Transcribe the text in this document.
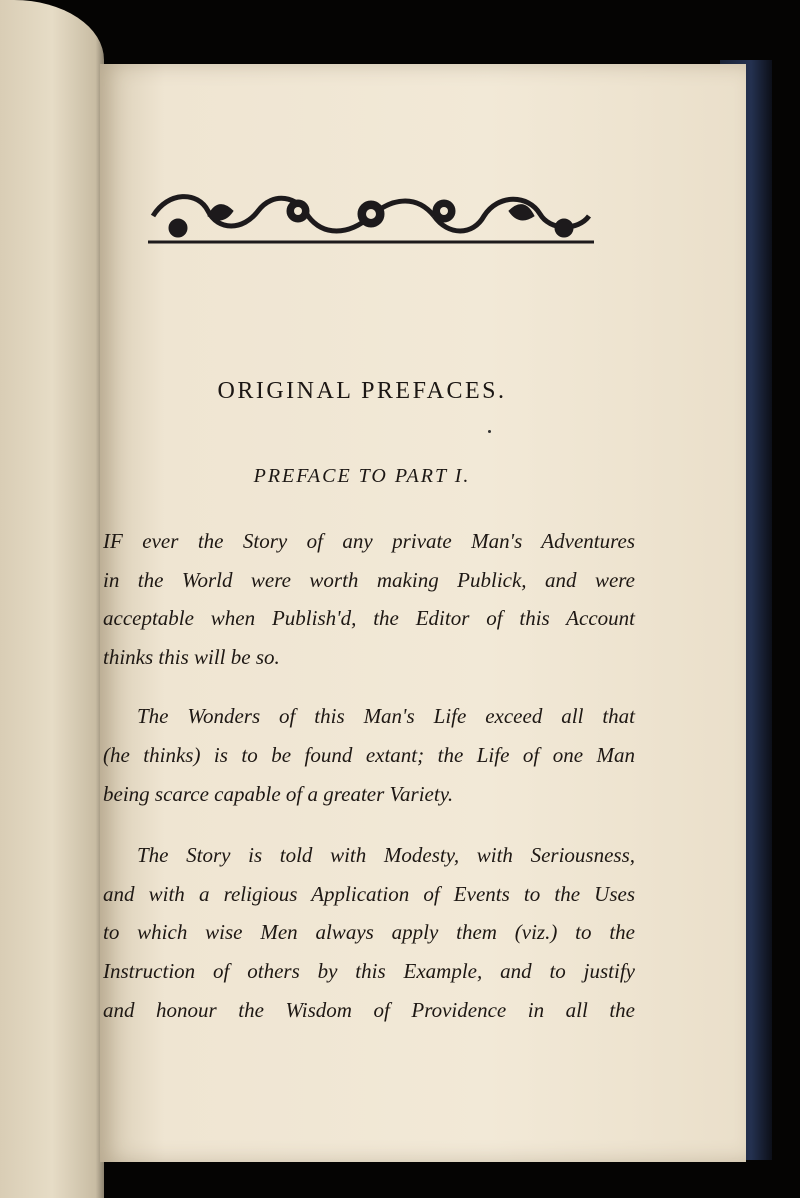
ORIGINAL PREFACES.
PREFACE TO PART I.
IF ever the Story of any private Man's Adventures
in the World were worth making Publick, and were
acceptable when Publish'd, the Editor of this Account
thinks this will be so.
The Wonders of this Man's Life exceed all that
(he thinks) is to be found extant; the Life of one Man
being scarce capable of a greater Variety.
The Story is told with Modesty, with Seriousness,
and with a religious Application of Events to the Uses
to which wise Men always apply them (viz.) to the
Instruction of others by this Example, and to justify
and honour the Wisdom of Providence in all the
